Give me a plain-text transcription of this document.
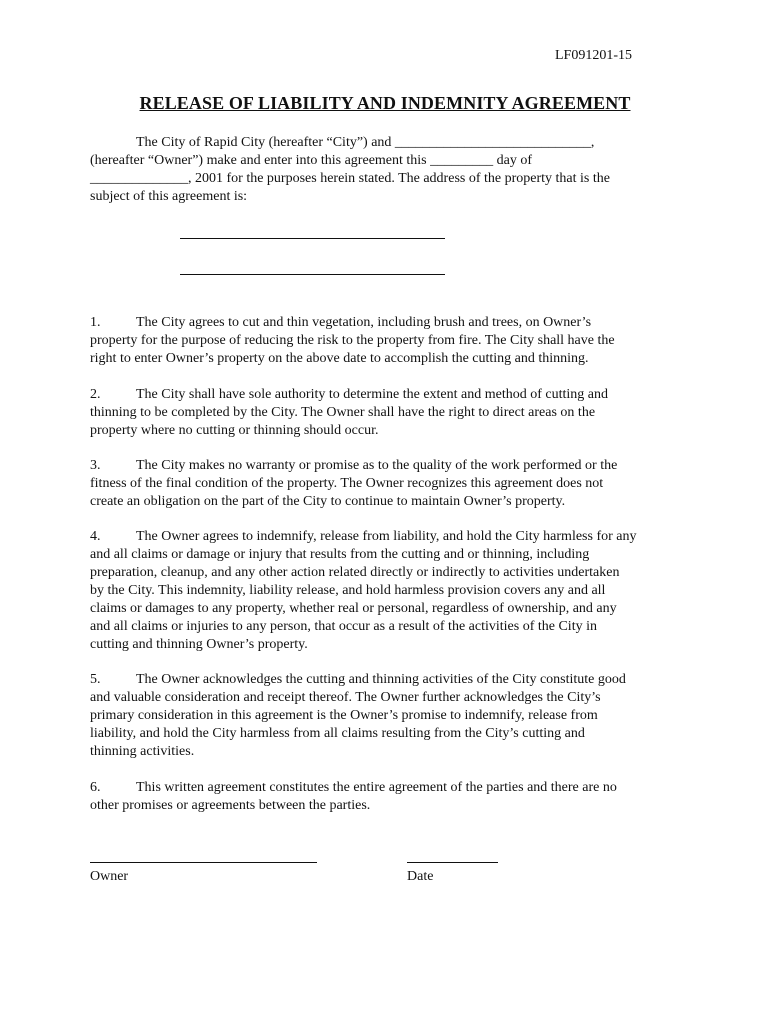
LF091201-15
RELEASE OF LIABILITY AND INDEMNITY AGREEMENT
The City of Rapid City (hereafter “City”) and ____________________________,
(hereafter “Owner”) make and enter into this agreement this _________ day of
______________, 2001 for the purposes herein stated. The address of the property that is the
subject of this agreement is:
1.	The City agrees to cut and thin vegetation, including brush and trees, on Owner’s
property for the purpose of reducing the risk to the property from fire. The City shall have the
right to enter Owner’s property on the above date to accomplish the cutting and thinning.
2.	The City shall have sole authority to determine the extent and method of cutting and
thinning to be completed by the City. The Owner shall have the right to direct areas on the
property where no cutting or thinning should occur.
3.	The City makes no warranty or promise as to the quality of the work performed or the
fitness of the final condition of the property. The Owner recognizes this agreement does not
create an obligation on the part of the City to continue to maintain Owner’s property.
4.	The Owner agrees to indemnify, release from liability, and hold the City harmless for any
and all claims or damage or injury that results from the cutting and or thinning, including
preparation, cleanup, and any other action related directly or indirectly to activities undertaken
by the City. This indemnity, liability release, and hold harmless provision covers any and all
claims or damages to any property, whether real or personal, regardless of ownership, and any
and all claims or injuries to any person, that occur as a result of the activities of the City in
cutting and thinning Owner’s property.
5.	The Owner acknowledges the cutting and thinning activities of the City constitute good
and valuable consideration and receipt thereof. The Owner further acknowledges the City’s
primary consideration in this agreement is the Owner’s promise to indemnify, release from
liability, and hold the City harmless from all claims resulting from the City’s cutting and
thinning activities.
6.	This written agreement constitutes the entire agreement of the parties and there are no
other promises or agreements between the parties.
Owner	Date
